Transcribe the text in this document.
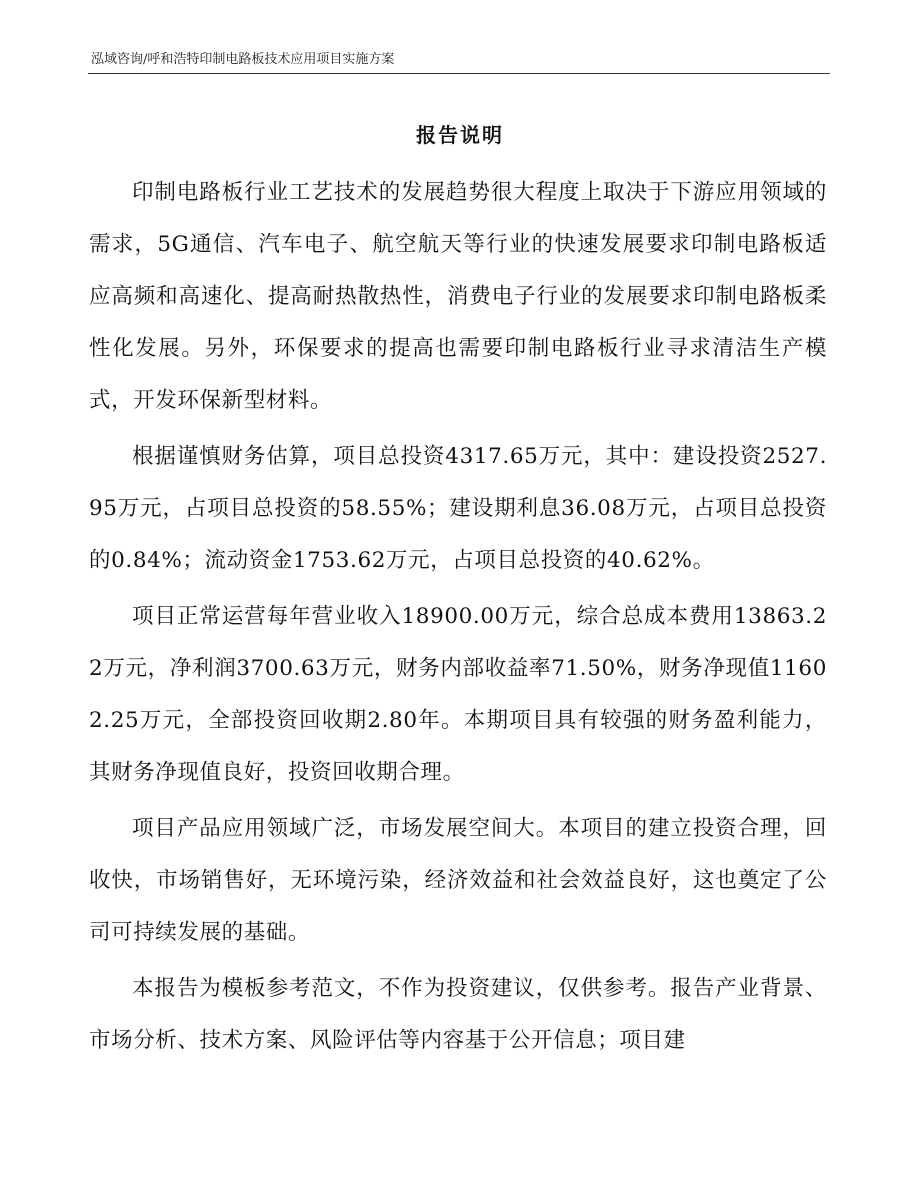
泓域咨询/呼和浩特印制电路板技术应用项目实施方案
报告说明

印制电路板行业工艺技术的发展趋势很大程度上取决于下游应用领域的需求，5G通信、汽车电子、航空航天等行业的快速发展要求印制电路板适应高频和高速化、提高耐热散热性，消费电子行业的发展要求印制电路板柔性化发展。另外，环保要求的提高也需要印制电路板行业寻求清洁生产模式，开发环保新型材料。

根据谨慎财务估算，项目总投资4317.65万元，其中：建设投资2527.95万元，占项目总投资的58.55%；建设期利息36.08万元，占项目总投资的0.84%；流动资金1753.62万元，占项目总投资的40.62%。

项目正常运营每年营业收入18900.00万元，综合总成本费用13863.22万元，净利润3700.63万元，财务内部收益率71.50%，财务净现值11602.25万元，全部投资回收期2.80年。本期项目具有较强的财务盈利能力，其财务净现值良好，投资回收期合理。

项目产品应用领域广泛，市场发展空间大。本项目的建立投资合理，回收快，市场销售好，无环境污染，经济效益和社会效益良好，这也奠定了公司可持续发展的基础。

本报告为模板参考范文，不作为投资建议，仅供参考。报告产业背景、市场分析、技术方案、风险评估等内容基于公开信息；项目建
